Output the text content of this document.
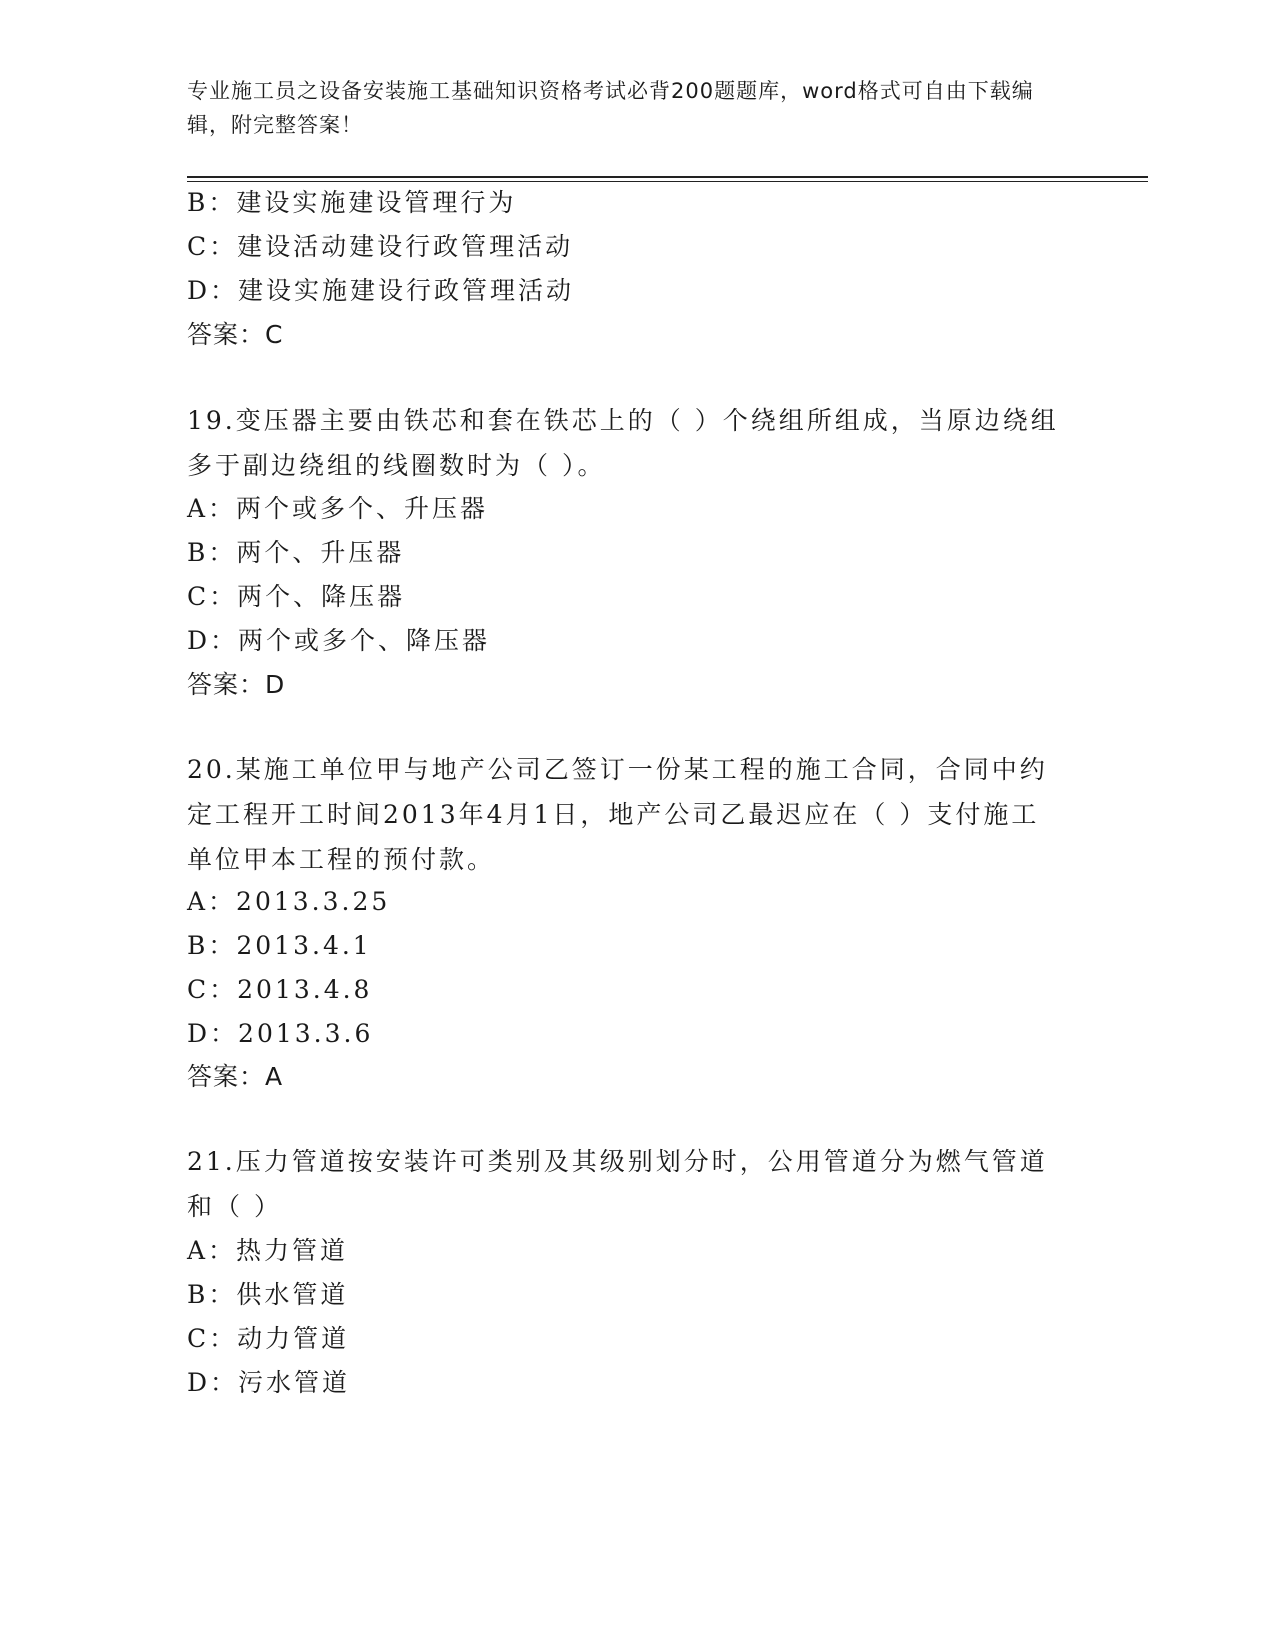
专业施工员之设备安装施工基础知识资格考试必背200题题库，word格式可自由下载编辑，附完整答案！
B：建设实施建设管理行为
C：建设活动建设行政管理活动
D：建设实施建设行政管理活动
答案：C
19.变压器主要由铁芯和套在铁芯上的（ ）个绕组所组成，当原边绕组多于副边绕组的线圈数时为（ ）。
A：两个或多个、升压器
B：两个、升压器
C：两个、降压器
D：两个或多个、降压器
答案：D
20.某施工单位甲与地产公司乙签订一份某工程的施工合同，合同中约定工程开工时间2013年4月1日，地产公司乙最迟应在（ ）支付施工单位甲本工程的预付款。
A：2013.3.25
B：2013.4.1
C：2013.4.8
D：2013.3.6
答案：A
21.压力管道按安装许可类别及其级别划分时，公用管道分为燃气管道和（ ）
A：热力管道
B：供水管道
C：动力管道
D：污水管道
